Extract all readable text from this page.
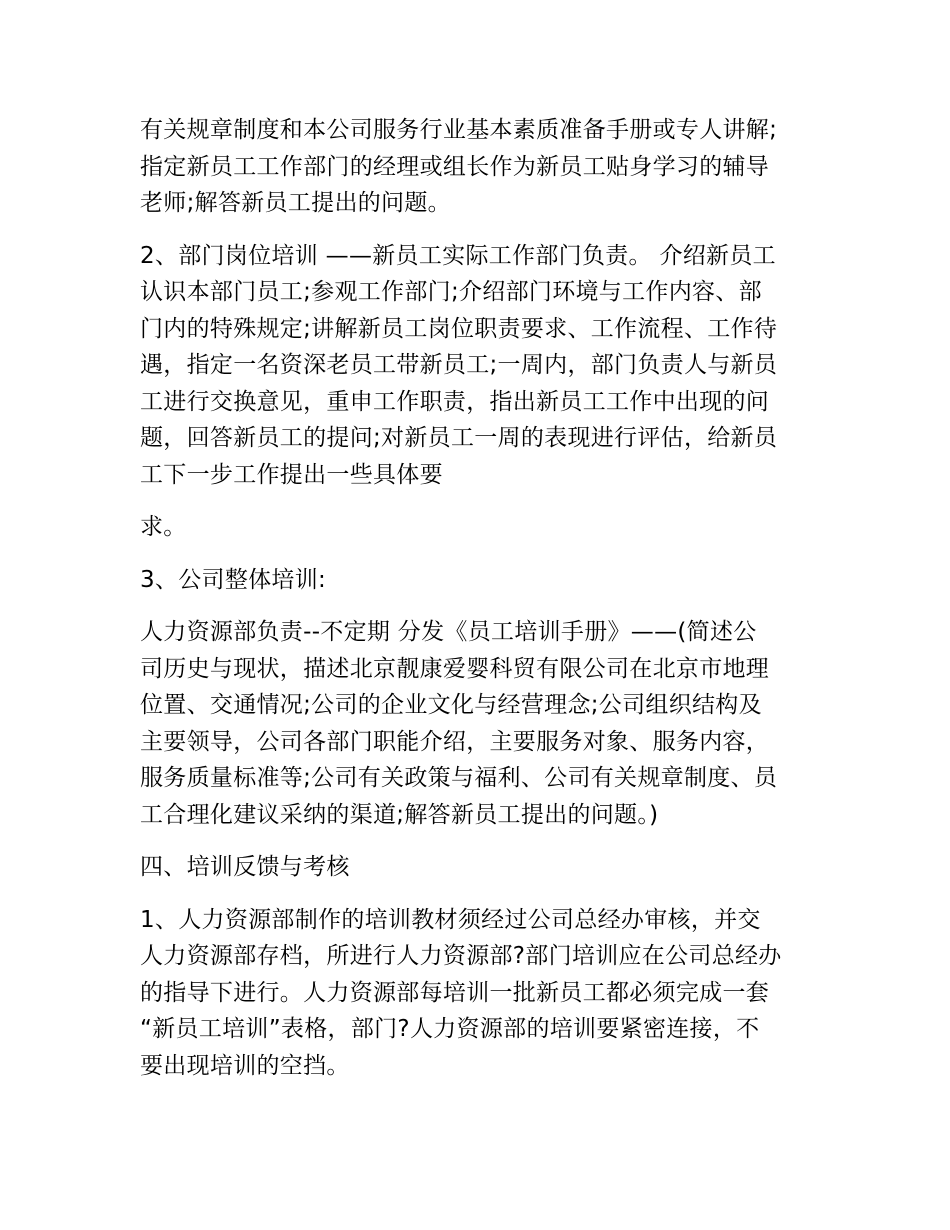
有关规章制度和本公司服务行业基本素质准备手册或专人讲解;
指定新员工工作部门的经理或组长作为新员工贴身学习的辅导
老师;解答新员工提出的问题。

2、部门岗位培训 ——新员工实际工作部门负责。 介绍新员工
认识本部门员工;参观工作部门;介绍部门环境与工作内容、部
门内的特殊规定;讲解新员工岗位职责要求、工作流程、工作待
遇，指定一名资深老员工带新员工;一周内，部门负责人与新员
工进行交换意见，重申工作职责，指出新员工工作中出现的问
题，回答新员工的提问;对新员工一周的表现进行评估，给新员
工下一步工作提出一些具体要

求。

3、公司整体培训:

人力资源部负责--不定期 分发《员工培训手册》——(简述公
司历史与现状，描述北京靓康爱婴科贸有限公司在北京市地理
位置、交通情况;公司的企业文化与经营理念;公司组织结构及
主要领导，公司各部门职能介绍，主要服务对象、服务内容，
服务质量标准等;公司有关政策与福利、公司有关规章制度、员
工合理化建议采纳的渠道;解答新员工提出的问题。)

四、培训反馈与考核

1、人力资源部制作的培训教材须经过公司总经办审核，并交
人力资源部存档，所进行人力资源部?部门培训应在公司总经办
的指导下进行。人力资源部每培训一批新员工都必须完成一套
“新员工培训”表格，部门?人力资源部的培训要紧密连接，不
要出现培训的空挡。
